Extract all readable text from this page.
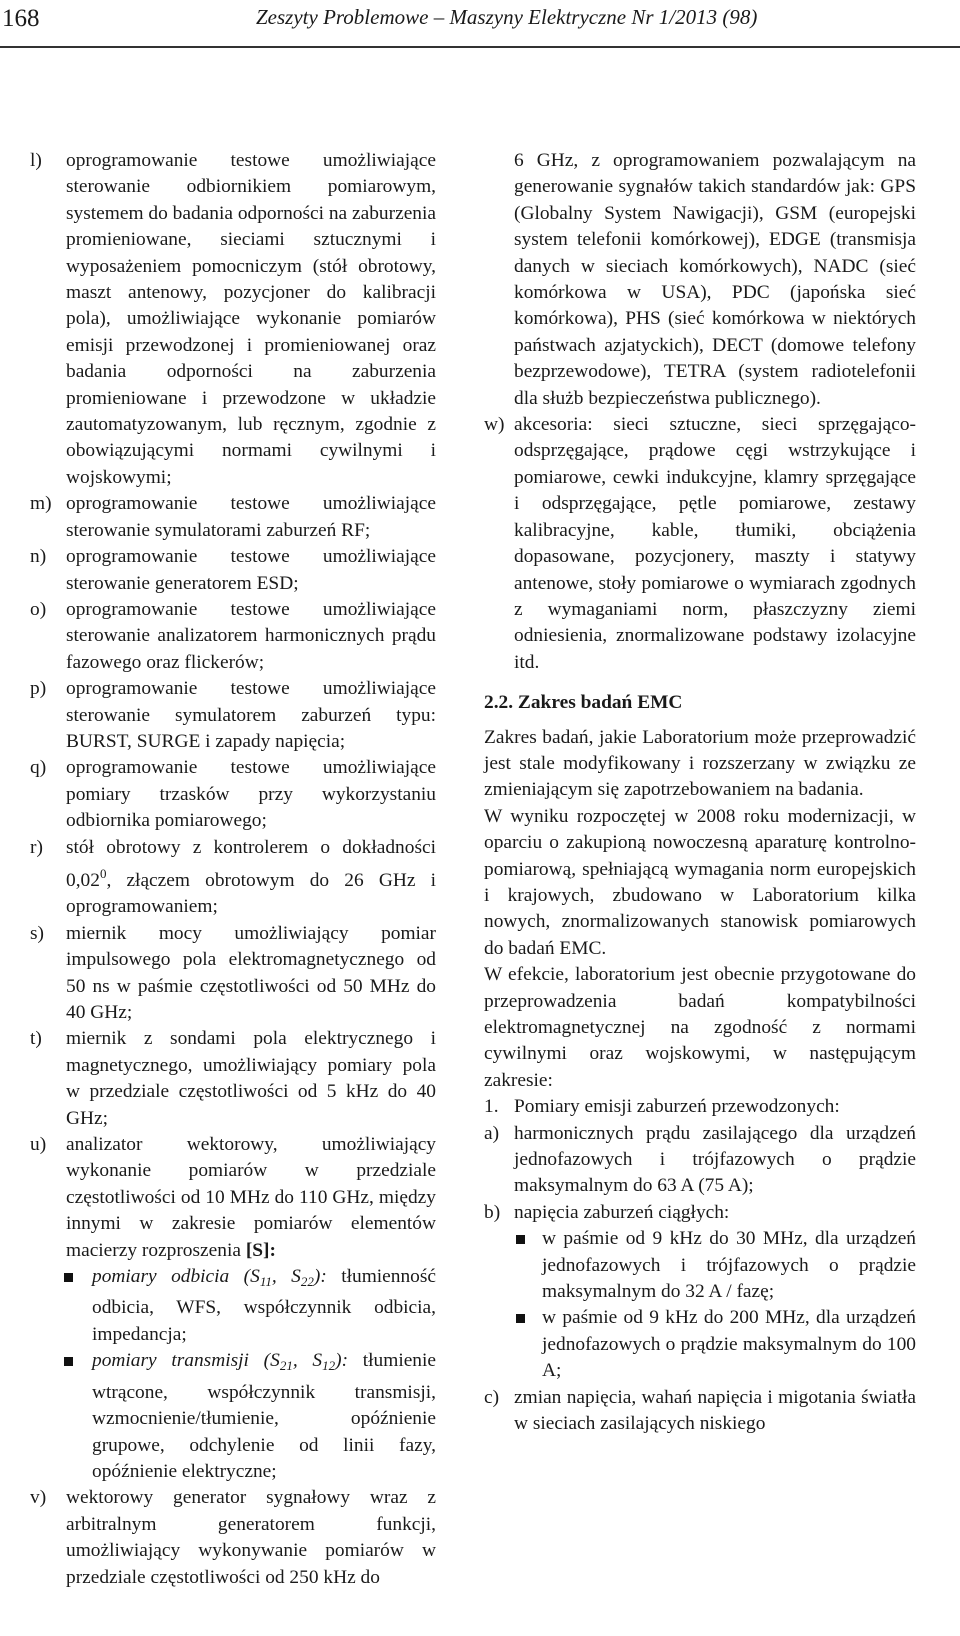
168	Zeszyty Problemowe – Maszyny Elektryczne Nr 1/2013 (98)
l) oprogramowanie testowe umożliwiające sterowanie odbiornikiem pomiarowym, systemem do badania odporności na zaburzenia promieniowane, sieciami sztucznymi i wyposażeniem pomocniczym (stół obrotowy, maszt antenowy, pozycjoner do kalibracji pola), umożliwiające wykonanie pomiarów emisji przewodzonej i promieniowanej oraz badania odporności na zaburzenia promieniowane i przewodzone w układzie zautomatyzowanym, lub ręcznym, zgodnie z obowiązującymi normami cywilnymi i wojskowymi;
m) oprogramowanie testowe umożliwiające sterowanie symulatorami zaburzeń RF;
n) oprogramowanie testowe umożliwiające sterowanie generatorem ESD;
o) oprogramowanie testowe umożliwiające sterowanie analizatorem harmonicznych prądu fazowego oraz flickerów;
p) oprogramowanie testowe umożliwiające sterowanie symulatorem zaburzeń typu: BURST, SURGE i zapady napięcia;
q) oprogramowanie testowe umożliwiające pomiary trzasków przy wykorzystaniu odbiornika pomiarowego;
r) stół obrotowy z kontrolerem o dokładności 0,02$^0$, złączem obrotowym do 26 GHz i oprogramowaniem;
s) miernik mocy umożliwiający pomiar impulsowego pola elektromagnetycznego od 50 ns w paśmie częstotliwości od 50 MHz do 40 GHz;
t) miernik z sondami pola elektrycznego i magnetycznego, umożliwiający pomiary pola w przedziale częstotliwości od 5 kHz do 40 GHz;
u) analizator wektorowy, umożliwiający wykonanie pomiarów w przedziale częstotliwości od 10 MHz do 110 GHz, między innymi w zakresie pomiarów elementów macierzy rozproszenia [S]:
pomiary odbicia ($S_{11}$, $S_{22}$): tłumienność odbicia, WFS, współczynnik odbicia, impedancja;
pomiary transmisji ($S_{21}$, $S_{12}$): tłumienie wtrącone, współczynnik transmisji, wzmocnienie/tłumienie, opóźnienie grupowe, odchylenie od linii fazy, opóźnienie elektryczne;
v) wektorowy generator sygnałowy wraz z arbitralnym generatorem funkcji, umożliwiający wykonywanie pomiarów w przedziale częstotliwości od 250 kHz do
6 GHz, z oprogramowaniem pozwalającym na generowanie sygnałów takich standardów jak: GPS (Globalny System Nawigacji), GSM (europejski system telefonii komórkowej), EDGE (transmisja danych w sieciach komórkowych), NADC (sieć komórkowa w USA), PDC (japońska sieć komórkowa), PHS (sieć komórkowa w niektórych państwach azjatyckich), DECT (domowe telefony bezprzewodowe), TETRA (system radiotelefonii dla służb bezpieczeństwa publicznego).
w) akcesoria: sieci sztuczne, sieci sprzęgająco-odsprzęgające, prądowe cęgi wstrzykujące i pomiarowe, cewki indukcyjne, klamry sprzęgające i odsprzęgające, pętle pomiarowe, zestawy kalibracyjne, kable, tłumiki, obciążenia dopasowane, pozycjonery, maszty i statywy antenowe, stoły pomiarowe o wymiarach zgodnych z wymaganiami norm, płaszczyzny ziemi odniesienia, znormalizowane podstawy izolacyjne itd.
2.2. Zakres badań EMC
Zakres badań, jakie Laboratorium może przeprowadzić jest stale modyfikowany i rozszerzany w związku ze zmieniającym się zapotrzebowaniem na badania.
W wyniku rozpoczętej w 2008 roku modernizacji, w oparciu o zakupioną nowoczesną aparaturę kontrolno-pomiarową, spełniającą wymagania norm europejskich i krajowych, zbudowano w Laboratorium kilka nowych, znormalizowanych stanowisk pomiarowych do badań EMC.
W efekcie, laboratorium jest obecnie przygotowane do przeprowadzenia badań kompatybilności elektromagnetycznej na zgodność z normami cywilnymi oraz wojskowymi, w następującym zakresie:
1. Pomiary emisji zaburzeń przewodzonych:
a) harmonicznych prądu zasilającego dla urządzeń jednofazowych i trójfazowych o prądzie maksymalnym do 63 A (75 A);
b) napięcia zaburzeń ciągłych:
w paśmie od 9 kHz do 30 MHz, dla urządzeń jednofazowych i trójfazowych o prądzie maksymalnym do 32 A / fazę;
w paśmie od 9 kHz do 200 MHz, dla urządzeń jednofazowych o prądzie maksymalnym do 100 A;
c) zmian napięcia, wahań napięcia i migotania światła w sieciach zasilających niskiego
